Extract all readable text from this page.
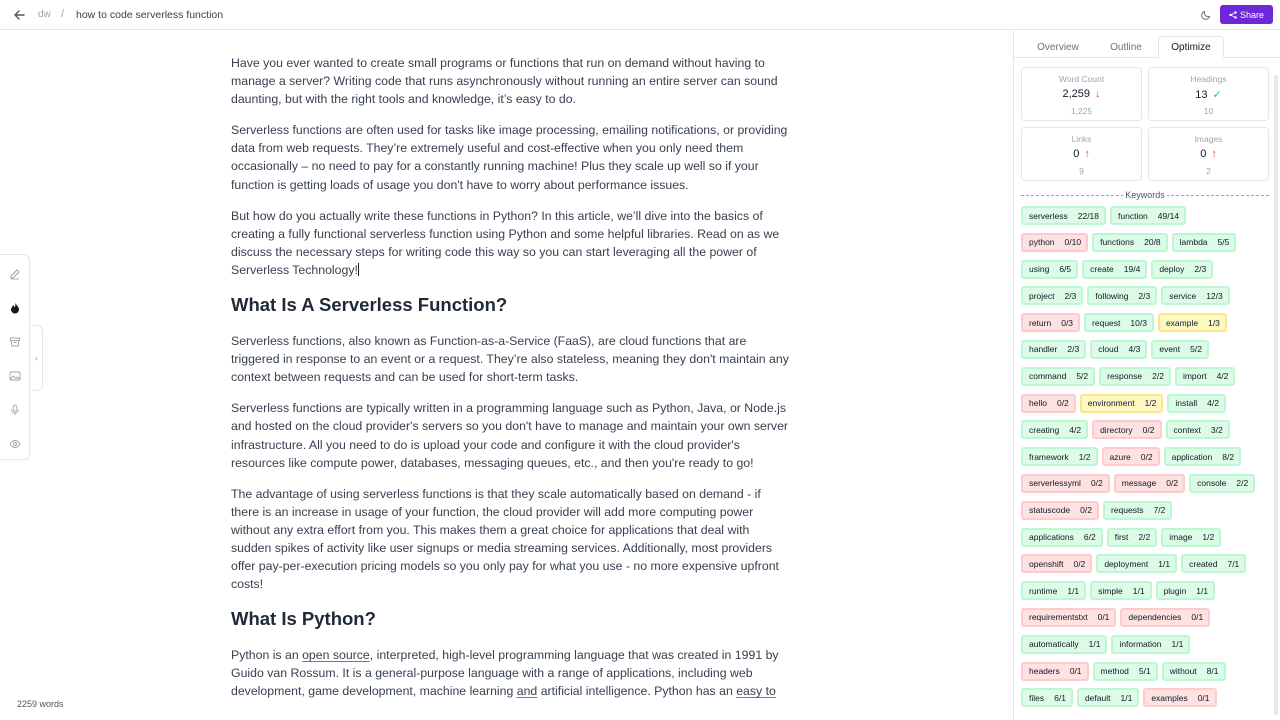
dw / how to code serverless function	Share
‹

Have you ever wanted to create small programs or functions that run on demand without having to manage a server? Writing code that runs asynchronously without running an entire server can sound daunting, but with the right tools and knowledge, it’s easy to do.

Serverless functions are often used for tasks like image processing, emailing notifications, or providing data from web requests. They’re extremely useful and cost-effective when you only need them occasionally – no need to pay for a constantly running machine! Plus they scale up well so if your function is getting loads of usage you don't have to worry about performance issues.

But how do you actually write these functions in Python? In this article, we’ll dive into the basics of creating a fully functional serverless function using Python and some helpful libraries. Read on as we discuss the necessary steps for writing code this way so you can start leveraging all the power of Serverless Technology!

What Is A Serverless Function?

Serverless functions, also known as Function-as-a-Service (FaaS), are cloud functions that are triggered in response to an event or a request. They’re also stateless, meaning they don't maintain any context between requests and can be used for short-term tasks.

Serverless functions are typically written in a programming language such as Python, Java, or Node.js and hosted on the cloud provider's servers so you don't have to manage and maintain your own server infrastructure. All you need to do is upload your code and configure it with the cloud provider's resources like compute power, databases, messaging queues, etc., and then you're ready to go!

The advantage of using serverless functions is that they scale automatically based on demand - if there is an increase in usage of your function, the cloud provider will add more computing power without any extra effort from you. This makes them a great choice for applications that deal with sudden spikes of activity like user signups or media streaming services. Additionally, most providers offer pay-per-execution pricing models so you only pay for what you use - no more expensive upfront costs!

What Is Python?

Python is an open source, interpreted, high-level programming language that was created in 1991 by Guido van Rossum. It is a general-purpose language with a range of applications, including web development, game development, machine learning and artificial intelligence. Python has an easy to

2259 words
Overview	Outline	Optimize
Word Count
2,259 ↓
1,225
Headings
13 ✓
10
Links
0 ↑
9
Images
0 ↑
2
Keywords
serverless 22/18 function 49/14
python 0/10 functions 20/8 lambda 5/5
using 6/5 create 19/4 deploy 2/3
project 2/3 following 2/3 service 12/3
return 0/3 request 10/3 example 1/3
handler 2/3 cloud 4/3 event 5/2
command 5/2 response 2/2 import 4/2
hello 0/2 environment 1/2 install 4/2
creating 4/2 directory 0/2 context 3/2
framework 1/2 azure 0/2 application 8/2
serverlessyml 0/2 message 0/2 console 2/2
statuscode 0/2 requests 7/2
applications 6/2 first 2/2 image 1/2
openshift 0/2 deployment 1/1 created 7/1
runtime 1/1 simple 1/1 plugin 1/1
requirementstxt 0/1 dependencies 0/1
automatically 1/1 information 1/1
headers 0/1 method 5/1 without 8/1
files 6/1 default 1/1 examples 0/1
